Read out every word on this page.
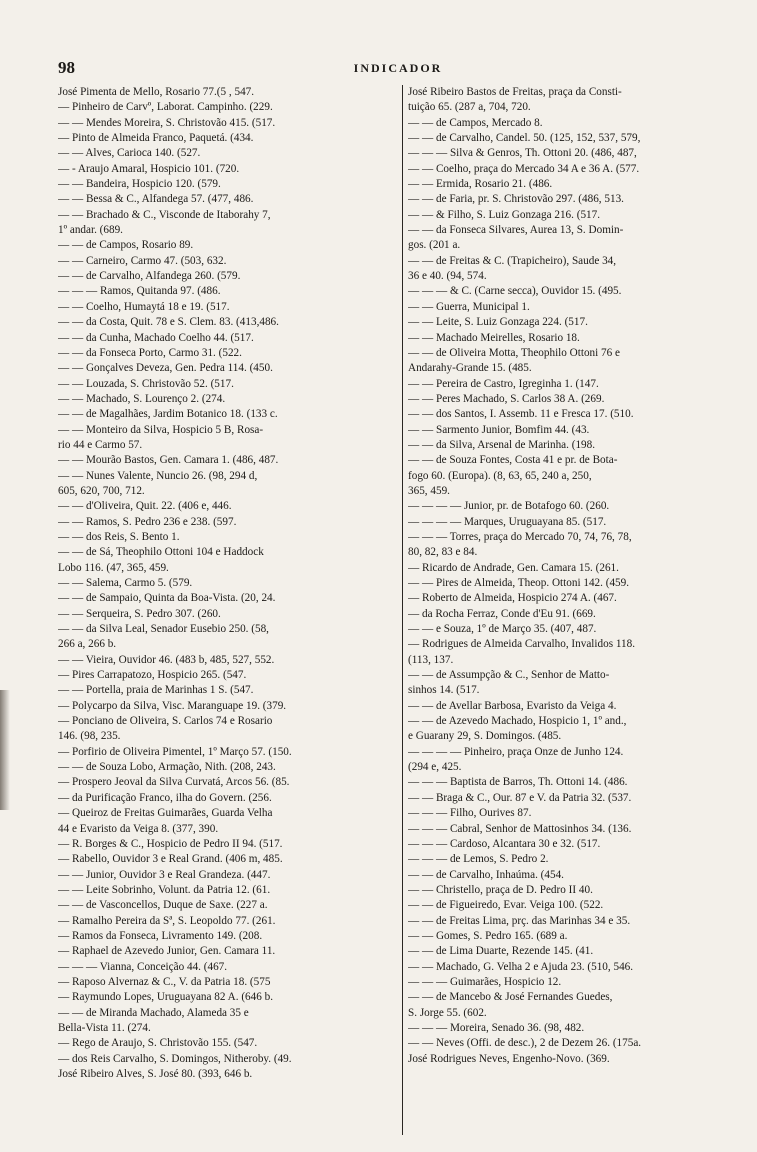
98	INDICADOR
José Pimenta de Mello, Rosario 77.(5 , 547.
— Pinheiro de Carvº, Laborat. Campinho. (229.
— — Mendes Moreira, S. Christovão 415. (517.
— Pinto de Almeida Franco, Paquetá. (434.
— — Alves, Carioca 140. (527.
— - Araujo Amaral, Hospicio 101. (720.
— — Bandeira, Hospicio 120. (579.
— — Bessa & C., Alfandega 57. (477, 486.
— — Brachado & C., Visconde de Itaborahy 7,
1º andar. (689.
— — de Campos, Rosario 89.
— — Carneiro, Carmo 47. (503, 632.
— — de Carvalho, Alfandega 260. (579.
— — — Ramos, Quitanda 97. (486.
— — Coelho, Humaytá 18 e 19. (517.
— — da Costa, Quit. 78 e S. Clem. 83. (413,486.
— — da Cunha, Machado Coelho 44. (517.
— — da Fonseca Porto, Carmo 31. (522.
— — Gonçalves Deveza, Gen. Pedra 114. (450.
— — Louzada, S. Christovão 52. (517.
— — Machado, S. Lourenço 2. (274.
— — de Magalhães, Jardim Botanico 18. (133 c.
— — Monteiro da Silva, Hospicio 5 B, Rosa-
rio 44 e Carmo 57.
— — Mourão Bastos, Gen. Camara 1. (486, 487.
— — Nunes Valente, Nuncio 26. (98, 294 d,
605, 620, 700, 712.
— — d'Oliveira, Quit. 22. (406 e, 446.
— — Ramos, S. Pedro 236 e 238. (597.
— — dos Reis, S. Bento 1.
— — de Sá, Theophilo Ottoni 104 e Haddock
Lobo 116. (47, 365, 459.
— — Salema, Carmo 5. (579.
— — de Sampaio, Quinta da Boa-Vista. (20, 24.
— — Serqueira, S. Pedro 307. (260.
— — da Silva Leal, Senador Eusebio 250. (58,
266 a, 266 b.
— — Vieira, Ouvidor 46. (483 b, 485, 527, 552.
— Pires Carrapatozo, Hospicio 265. (547.
— — Portella, praia de Marinhas 1 S. (547.
— Polycarpo da Silva, Visc. Maranguape 19. (379.
— Ponciano de Oliveira, S. Carlos 74 e Rosario
146. (98, 235.
— Porfirio de Oliveira Pimentel, 1º Março 57. (150.
— — de Souza Lobo, Armação, Nith. (208, 243.
— Prospero Jeoval da Silva Curvatá, Arcos 56. (85.
— da Purificação Franco, ilha do Govern. (256.
— Queiroz de Freitas Guimarães, Guarda Velha
44 e Evaristo da Veiga 8. (377, 390.
— R. Borges & C., Hospicio de Pedro II 94. (517.
— Rabello, Ouvidor 3 e Real Grand. (406 m, 485.
— — Junior, Ouvidor 3 e Real Grandeza. (447.
— — Leite Sobrinho, Volunt. da Patria 12. (61.
— — de Vasconcellos, Duque de Saxe. (227 a.
— Ramalho Pereira da Sª, S. Leopoldo 77. (261.
— Ramos da Fonseca, Livramento 149. (208.
— Raphael de Azevedo Junior, Gen. Camara 11.
— — — Vianna, Conceição 44. (467.
— Raposo Alvernaz & C., V. da Patria 18. (575
— Raymundo Lopes, Uruguayana 82 A. (646 b.
— — de Miranda Machado, Alameda 35 e
Bella-Vista 11. (274.
— Rego de Araujo, S. Christovão 155. (547.
— dos Reis Carvalho, S. Domingos, Nitheroby. (49.
José Ribeiro Alves, S. José 80. (393, 646 b.
José Ribeiro Bastos de Freitas, praça da Consti-
tuição 65. (287 a, 704, 720.
— — de Campos, Mercado 8.
— — de Carvalho, Candel. 50. (125, 152, 537, 579,
— — — Silva & Genros, Th. Ottoni 20. (486, 487,
— — Coelho, praça do Mercado 34 A e 36 A. (577.
— — Ermida, Rosario 21. (486.
— — de Faria, pr. S. Christovão 297. (486, 513.
— — & Filho, S. Luiz Gonzaga 216. (517.
— — da Fonseca Silvares, Aurea 13, S. Domin-
gos. (201 a.
— — de Freitas & C. (Trapicheiro), Saude 34,
36 e 40. (94, 574.
— — — & C. (Carne secca), Ouvidor 15. (495.
— — Guerra, Municipal 1.
— — Leite, S. Luiz Gonzaga 224. (517.
— — Machado Meirelles, Rosario 18.
— — de Oliveira Motta, Theophilo Ottoni 76 e
Andarahy-Grande 15. (485.
— — Pereira de Castro, Igreginha 1. (147.
— — Peres Machado, S. Carlos 38 A. (269.
— — dos Santos, I. Assemb. 11 e Fresca 17. (510.
— — Sarmento Junior, Bomfim 44. (43.
— — da Silva, Arsenal de Marinha. (198.
— — de Souza Fontes, Costa 41 e pr. de Bota-
fogo 60. (Europa). (8, 63, 65, 240 a, 250,
365, 459.
— — — — Junior, pr. de Botafogo 60. (260.
— — — — Marques, Uruguayana 85. (517.
— — — Torres, praça do Mercado 70, 74, 76, 78,
80, 82, 83 e 84.
— Ricardo de Andrade, Gen. Camara 15. (261.
— — Pires de Almeida, Theop. Ottoni 142. (459.
— Roberto de Almeida, Hospicio 274 A. (467.
— da Rocha Ferraz, Conde d'Eu 91. (669.
— — e Souza, 1º de Março 35. (407, 487.
— Rodrigues de Almeida Carvalho, Invalidos 118.
(113, 137.
— — de Assumpção & C., Senhor de Matto-
sinhos 14. (517.
— — de Avellar Barbosa, Evaristo da Veiga 4.
— — de Azevedo Machado, Hospicio 1, 1º and.,
e Guarany 29, S. Domingos. (485.
— — — — Pinheiro, praça Onze de Junho 124.
(294 e, 425.
— — — Baptista de Barros, Th. Ottoni 14. (486.
— — Braga & C., Our. 87 e V. da Patria 32. (537.
— — — Filho, Ourives 87.
— — — Cabral, Senhor de Mattosinhos 34. (136.
— — — Cardoso, Alcantara 30 e 32. (517.
— — — de Lemos, S. Pedro 2.
— — de Carvalho, Inhaúma. (454.
— — Christello, praça de D. Pedro II 40.
— — de Figueiredo, Evar. Veiga 100. (522.
— — de Freitas Lima, prç. das Marinhas 34 e 35.
— — Gomes, S. Pedro 165. (689 a.
— — de Lima Duarte, Rezende 145. (41.
— — Machado, G. Velha 2 e Ajuda 23. (510, 546.
— — — Guimarães, Hospicio 12.
— — de Mancebo & José Fernandes Guedes,
S. Jorge 55. (602.
— — — Moreira, Senado 36. (98, 482.
— — Neves (Offi. de desc.), 2 de Dezem 26. (175a.
José Rodrigues Neves, Engenho-Novo. (369.
